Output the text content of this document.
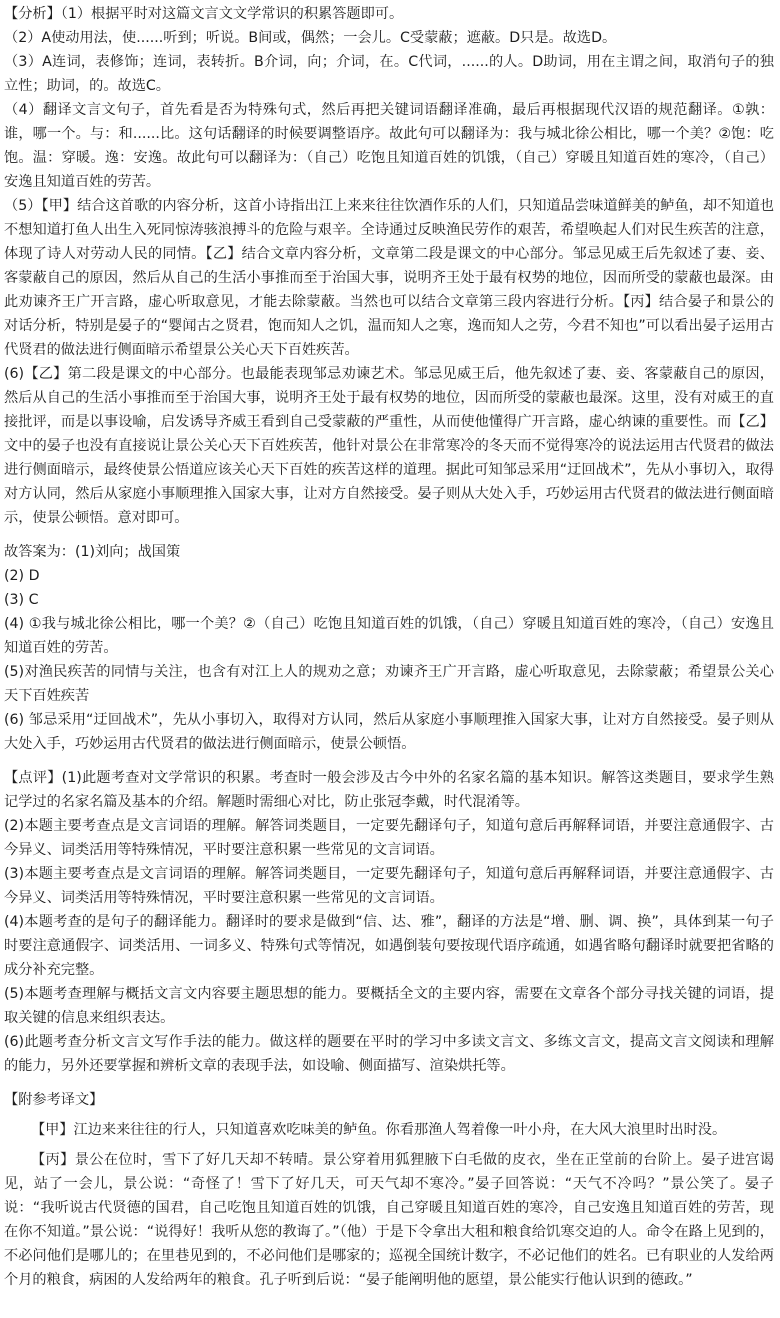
【分析】（1）根据平时对这篇文言文文学常识的积累答题即可。

（2）A使动用法，使......听到；听说。B间或，偶然；一会儿。C受蒙蔽；遮蔽。D只是。故选D。

（3）A连词，表修饰；连词，表转折。B介词，向；介词，在。C代词，......的人。D助词，用在主谓之间，取消句子的独立性；助词，的。故选C。

（4）翻译文言文句子，首先看是否为特殊句式，然后再把关键词语翻译准确，最后再根据现代汉语的规范翻译。①孰：谁，哪一个。与：和......比。这句话翻译的时候要调整语序。故此句可以翻译为：我与城北徐公相比，哪一个美？②饱：吃饱。温：穿暖。逸：安逸。故此句可以翻译为：（自己）吃饱且知道百姓的饥饿，（自己）穿暖且知道百姓的寒冷，（自己）安逸且知道百姓的劳苦。

（5）【甲】结合这首歌的内容分析，这首小诗指出江上来来往往饮酒作乐的人们，只知道品尝味道鲜美的鲈鱼，却不知道也不想知道打鱼人出生入死同惊涛骇浪搏斗的危险与艰辛。全诗通过反映渔民劳作的艰苦，希望唤起人们对民生疾苦的注意，体现了诗人对劳动人民的同情。【乙】结合文章内容分析，文章第二段是课文的中心部分。邹忌见威王后先叙述了妻、妾、客蒙蔽自己的原因，然后从自己的生活小事推而至于治国大事，说明齐王处于最有权势的地位，因而所受的蒙蔽也最深。由此劝谏齐王广开言路，虚心听取意见，才能去除蒙蔽。当然也可以结合文章第三段内容进行分析。【丙】结合晏子和景公的对话分析，特别是晏子的“婴闻古之贤君，饱而知人之饥，温而知人之寒，逸而知人之劳，今君不知也”可以看出晏子运用古代贤君的做法进行侧面暗示希望景公关心天下百姓疾苦。

(6)【乙】第二段是课文的中心部分。也最能表现邹忌劝谏艺术。邹忌见威王后，他先叙述了妻、妾、客蒙蔽自己的原因，然后从自己的生活小事推而至于治国大事，说明齐王处于最有权势的地位，因而所受的蒙蔽也最深。这里，没有对威王的直接批评，而是以事设喻，启发诱导齐威王看到自己受蒙蔽的严重性，从而使他懂得广开言路，虚心纳谏的重要性。而【乙】文中的晏子也没有直接说让景公关心天下百姓疾苦，他针对景公在非常寒冷的冬天而不觉得寒冷的说法运用古代贤君的做法进行侧面暗示，最终使景公悟道应该关心天下百姓的疾苦这样的道理。据此可知邹忌采用“迂回战术”，先从小事切入，取得对方认同，然后从家庭小事顺理推入国家大事，让对方自然接受。晏子则从大处入手，巧妙运用古代贤君的做法进行侧面暗示，使景公顿悟。意对即可。

故答案为：(1)刘向；战国策

(2) D

(3) C

(4) ①我与城北徐公相比，哪一个美？②（自己）吃饱且知道百姓的饥饿，（自己）穿暖且知道百姓的寒冷，（自己）安逸且知道百姓的劳苦。

(5)对渔民疾苦的同情与关注，也含有对江上人的规劝之意；劝谏齐王广开言路，虚心听取意见，去除蒙蔽；希望景公关心天下百姓疾苦

(6) 邹忌采用“迂回战术”，先从小事切入，取得对方认同，然后从家庭小事顺理推入国家大事，让对方自然接受。晏子则从大处入手，巧妙运用古代贤君的做法进行侧面暗示，使景公顿悟。

【点评】(1)此题考查对文学常识的积累。考查时一般会涉及古今中外的名家名篇的基本知识。解答这类题目，要求学生熟记学过的名家名篇及基本的介绍。解题时需细心对比，防止张冠李戴，时代混淆等。

(2)本题主要考查点是文言词语的理解。解答词类题目，一定要先翻译句子，知道句意后再解释词语，并要注意通假字、古今异义、词类活用等特殊情况，平时要注意积累一些常见的文言词语。

(3)本题主要考查点是文言词语的理解。解答词类题目，一定要先翻译句子，知道句意后再解释词语，并要注意通假字、古今异义、词类活用等特殊情况，平时要注意积累一些常见的文言词语。

(4)本题考查的是句子的翻译能力。翻译时的要求是做到“信、达、雅”，翻译的方法是“增、删、调、换”，具体到某一句子时要注意通假字、词类活用、一词多义、特殊句式等情况，如遇倒装句要按现代语序疏通，如遇省略句翻译时就要把省略的成分补充完整。

(5)本题考查理解与概括文言文内容要主题思想的能力。要概括全文的主要内容，需要在文章各个部分寻找关键的词语，提取关键的信息来组织表达。

(6)此题考查分析文言文写作手法的能力。做这样的题要在平时的学习中多读文言文、多练文言文，提高文言文阅读和理解的能力，另外还要掌握和辨析文章的表现手法，如设喻、侧面描写、渲染烘托等。

【附参考译文】

【甲】江边来来往往的行人，只知道喜欢吃味美的鲈鱼。你看那渔人驾着像一叶小舟，在大风大浪里时出时没。

【丙】景公在位时，雪下了好几天却不转晴。景公穿着用狐狸腋下白毛做的皮衣，坐在正堂前的台阶上。晏子进宫谒见，站了一会儿，景公说：“奇怪了！雪下了好几天，可天气却不寒冷。”晏子回答说：“天气不冷吗？”景公笑了。晏子说：“我听说古代贤德的国君，自己吃饱且知道百姓的饥饿，自己穿暖且知道百姓的寒冷，自己安逸且知道百姓的劳苦，现在你不知道。”景公说：“说得好！我听从您的教诲了。”（他）于是下令拿出大租和粮食给饥寒交迫的人。命令在路上见到的，不必问他们是哪儿的；在里巷见到的，不必问他们是哪家的；巡视全国统计数字，不必记他们的姓名。已有职业的人发给两个月的粮食，病困的人发给两年的粮食。孔子听到后说：“晏子能阐明他的愿望，景公能实行他认识到的德政。”
